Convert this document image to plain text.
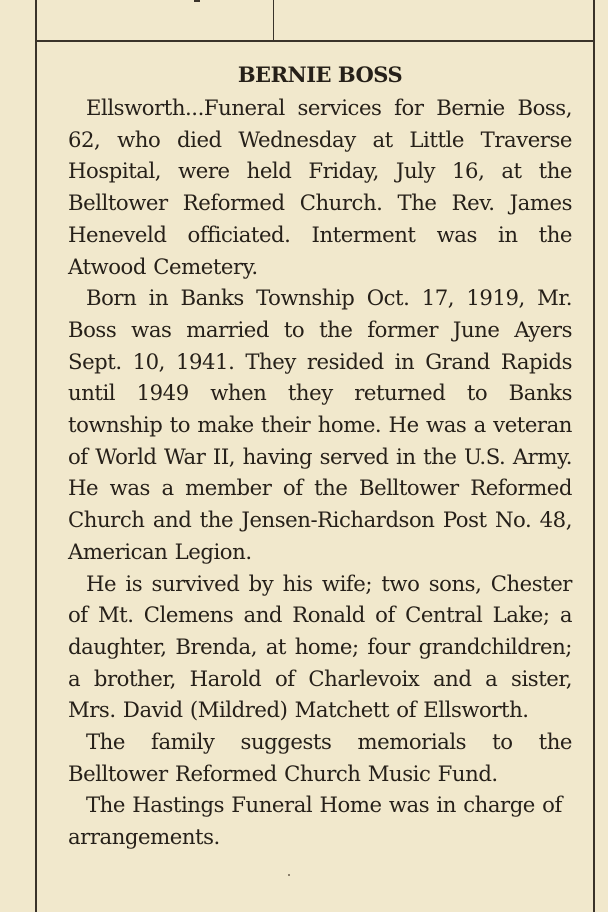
BERNIE BOSS

Ellsworth...Funeral services for Bernie Boss, 62, who died Wednesday at Little Traverse Hospital, were held Friday, July 16, at the Belltower Reformed Church. The Rev. James Heneveld officiated. Interment was in the Atwood Cemetery.

Born in Banks Township Oct. 17, 1919, Mr. Boss was married to the former June Ayers Sept. 10, 1941. They resided in Grand Rapids until 1949 when they returned to Banks township to make their home. He was a veteran of World War II, having served in the U.S. Army. He was a member of the Belltower Reformed Church and the Jensen-Richardson Post No. 48, American Legion.

He is survived by his wife; two sons, Chester of Mt. Clemens and Ronald of Central Lake; a daughter, Brenda, at home; four grandchildren; a brother, Harold of Charlevoix and a sister, Mrs. David (Mildred) Matchett of Ellsworth.

The family suggests memorials to the Belltower Reformed Church Music Fund.

The Hastings Funeral Home was in charge of arrangements.
